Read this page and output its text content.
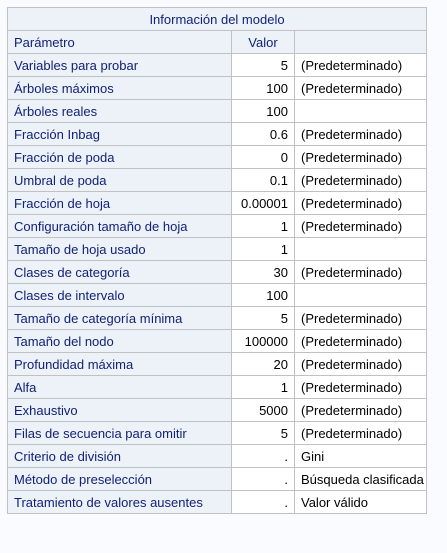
Información del modelo		
Parámetro	Valor	
Variables para probar	5	(Predeterminado)
Árboles máximos	100	(Predeterminado)
Árboles reales	100	
Fracción Inbag	0.6	(Predeterminado)
Fracción de poda	0	(Predeterminado)
Umbral de poda	0.1	(Predeterminado)
Fracción de hoja	0.00001	(Predeterminado)
Configuración tamaño de hoja	1	(Predeterminado)
Tamaño de hoja usado	1	
Clases de categoría	30	(Predeterminado)
Clases de intervalo	100	
Tamaño de categoría mínima	5	(Predeterminado)
Tamaño del nodo	100000	(Predeterminado)
Profundidad máxima	20	(Predeterminado)
Alfa	1	(Predeterminado)
Exhaustivo	5000	(Predeterminado)
Filas de secuencia para omitir	5	(Predeterminado)
Criterio de división	.	Gini
Método de preselección	.	Búsqueda clasificada
Tratamiento de valores ausentes	.	Valor válido
